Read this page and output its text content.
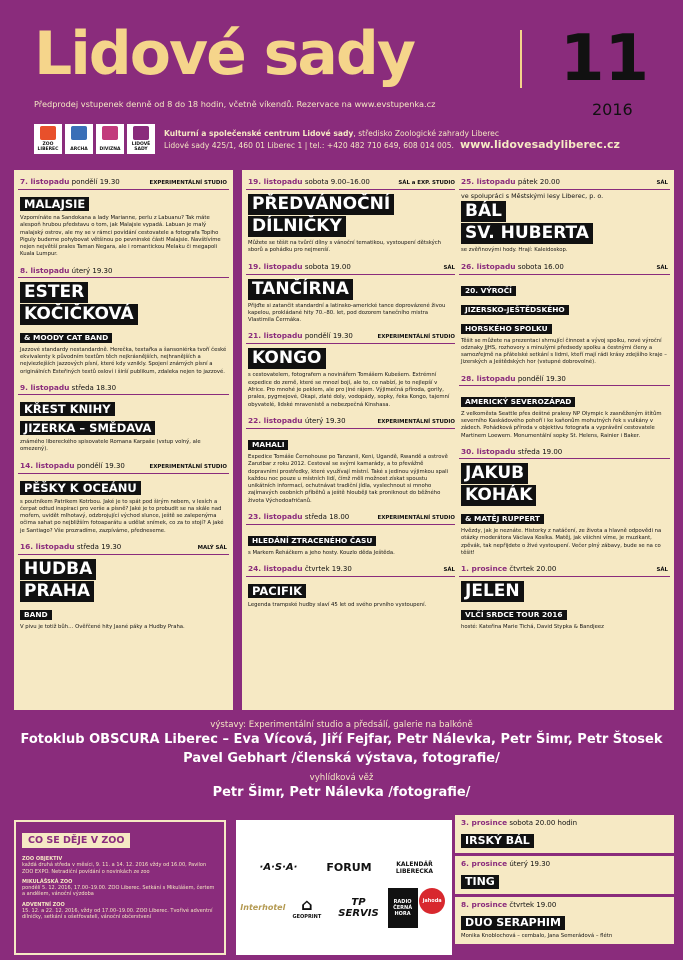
Lidové sady 11
2016
Předprodej vstupenek denně od 8 do 18 hodin, včetně víkendů. Rezervace na www.evstupenka.cz
ZOO LIBEREC	ARCHA	DIVIZNA
LIDOVÉ SADY
Kulturní a společenské centrum Lidové sady, středisko Zoologické zahrady Liberec
Lidové sady 425/1, 460 01 Liberec 1 | tel.: +420 482 710 649, 608 014 005. www.lidovesadyliberec.cz
7. listopadu pondělí 19.30	EXPERIMENTÁLNÍ STUDIO
MALAJSIE
Vzpomínáte na Sandokana a lady Marianne, perlu z Labuanu? Tak máte alespoň hrubou představu o tom, jak Malajsie vypadá. Labuan je malý malajský ostrov, ale my se v rámci povídání cestovatele a fotografa Topiho Piguly budeme pohybovat většinou po pevninské části Malajsie. Navštívíme nejen největší prales Taman Negara, ale i romantickou Melaku či megapoli Kuala Lumpur.
8. listopadu úterý 19.30
ESTER
KOČIČKOVÁ
& MOODY CAT BAND
Jazzové standardy nestandardně. Herečka, textařka a šansoniérka tvoří české ekvivalenty k původním textům těch nejkrásnějších, nejhranějších a nejviezlejších jazzových písní, které kdy vznikly. Spojení známých písní a originálních Esteřiných textů osloví i širší publikum, zdaleka nejen to jazzové.
9. listopadu středa 18.30
KŘEST KNIHY
JIZERKA – SMĚDAVA
známého libereckého spisovatele Romana Karpaše (vstup volný, ale omezený).
14. listopadu pondělí 19.30	EXPERIMENTÁLNÍ STUDIO
PĚŠKY K OCEÁNU
s poutníkem Patrikem Kotrbou. Jaké je to spát pod širým nebem, v lesích a čerpat odtud inspiraci pro verše a písně? Jaké je to probudit se na skále nad mořem, uvidět mlhotavý, odzbrojující východ slunce, ještě se zalepenýma očima sahat po nejbližším fotoaparátu a udělat snímek, co za to stojí? A jaké je Santiago? Vše prozradíme, zazpíváme, předneseme.
16. listopadu středa 19.30	MALÝ SÁL
HUDBA
PRAHA
BAND
V pivu je totiž bůh… Ověřčené hity Jasné páky a Hudby Praha.
19. listopadu sobota 9.00–16.00	SÁL a EXP. STUDIO
PŘEDVÁNOČNÍ
DÍLNIČKY
Můžete se těšit na tvůrčí dílny s vánoční tematikou, vystoupení dětských sborů a pohádku pro nejmenší.
19. listopadu sobota 19.00	SÁL
TANČÍRNA
Přijďte si zatančit standardní a latinsko-americké tance doprovázené živou kapelou, prokládané hity 70.–80. let, pod dozorem tanečního mistra Vlastimila Čermáka.
21. listopadu pondělí 19.30	EXPERIMENTÁLNÍ STUDIO
KONGO
s cestovatelem, fotografem a novinářem Tomášem Kubešem. Extrémní expedice do země, které se mnozí bojí, ale to, co nabízí, je to nejlepší v Africe. Pro mnohé je peklem, ale pro jiné rájem. Výjimečná příroda, gorily, prales, pygmejové, Okapi, zlaté doly, vodopády, sopky, řeka Kongo, tajemní obyvatelé, lidské mravenistě a nebezpečná Kinshasa.
22. listopadu úterý 19.30	EXPERIMENTÁLNÍ STUDIO
MAHALI
Expedice Tomáše Černohouse po Tanzanii, Keni, Ugandě, Rwandě a ostrově Zanzibar z roku 2012. Cestoval se svými kamarády, a to převážně dopravními prostředky, které využívají místní. Také s jedinou výjimkou spali každou noc pouze u místních lidí, čímž měli možnost získat spoustu unikátních informací, ochutnávat tradiční jídla, vyslechnout si mnoho zajímavých osobních příběhů a ještě hlouběji tak proniknout do běžného života Východoafričanů.
23. listopadu středa 18.00	EXPERIMENTÁLNÍ STUDIO
HLEDÁNÍ ZTRACENÉHO ČASU
s Markem Řeháčkem a jeho hosty. Kouzlo děda Ještěda.
24. listopadu čtvrtek 19.30	SÁL
PACIFIK
Legenda trampské hudby slaví 45 let od svého prvního vystoupení.
25. listopadu pátek 20.00	SÁL
ve spolupráci s Městskými lesy Liberec, p. o.
BÁL
SV. HUBERTA
se zvěřinovými hody. Hrají: Kaleidoskop.
26. listopadu sobota 16.00	SÁL
20. VÝROČÍ
JIZERSKO-JEŠTĚDSKÉHO
HORSKÉHO SPOLKU
Těšit se můžete na prezentaci shrnující činnost a vývoj spolku, nové výroční odznaky JJHS, rozhovory s minulými předsedy spolku a čestnými členy a samozřejmě na přátelské setkání s lidmi, kteří mají rádi krásy zdejšího kraje – Jizerských a Ještědských hor (vstupné dobrovolné).
28. listopadu pondělí 19.30
AMERICKÝ SEVEROZÁPAD
Z velkoměsta Seattle přes deštné pralesy NP Olympic k zasněženým štítům severního Kaskádového pohoří i ke kaňonům mohutných řek s vulkány v zádech. Pohádková příroda v objektivu fotografa a vyprávění cestovatele Martinem Loewem. Monumentální sopky St. Helens, Rainier i Baker.
30. listopadu středa 19.00
JAKUB
KOHÁK
& MATĚJ RUPPERT
Hvězdy, jak je neznáte. Historky z natáčení, ze života a hlavně odpovědi na otázky moderátora Václava Kosíka. Matěj, jak všichni víme, je muzikant, zpěvák, tak nepřijdete o živé vystoupení. Večer plný zábavy, bude se na co těšit!
1. prosince čtvrtek 20.00	SÁL
JELEN
VLČÍ SRDCE TOUR 2016
hosté: Kateřina Marie Tichá, David Stypka & Bandjeez
výstavy: Experimentální studio a předsálí, galerie na balkóně
Fotoklub OBSCURA Liberec – Eva Vícová, Jiří Fejfar, Petr Nálevka, Petr Šimr, Petr Štosek
Pavel Gebhart /členská výstava, fotografie/
vyhlídková věž
Petr Šimr, Petr Nálevka /fotografie/
CO SE DĚJE V ZOO
ZOO OBJEKTIV
každá druhá středa v měsíci, 9. 11. a 14. 12. 2016 vždy od 16.00, Pavilon ZOO EXPO. Netradiční povídání o novinkách ze zoo
MIKULÁŠSKÁ ZOO
pondělí 5. 12. 2016, 17.00–19.00. ZOO Liberec. Setkání s Mikulášem, čertem a andělem, vánoční výzdoba
ADVENTNÍ ZOO
15. 12. a 22. 12. 2016, vždy od 17.00–19.00. ZOO Liberec. Tvořivé adventní dílničky, setkání s ošetřovateli, vánoční občerstvení
·A·S·A·	FORUM	KALENDÁŘ LIBERECKA
Interhotel ⌂
GEOPRINT
TP SERVIS
RADIO ČERNÁ HORA
jahoda
3. prosince sobota 20.00 hodin
IRSKÝ BÁL
6. prosince úterý 19.30
TING
8. prosince čtvrtek 19.00
DUO SERAPHIM
Monika Knoblochová – cembalo, Jana Semerádová – flétn
